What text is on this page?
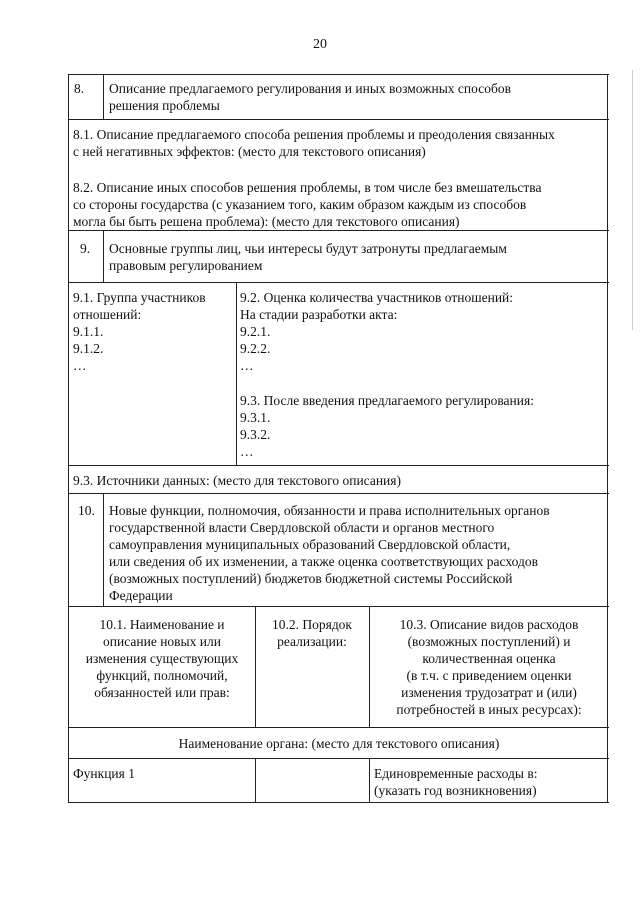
20
8. Описание предлагаемого регулирования и иных возможных способов
решения проблемы
8.1. Описание предлагаемого способа решения проблемы и преодоления связанных
с ней негативных эффектов: (место для текстового описания)
8.2. Описание иных способов решения проблемы, в том числе без вмешательства
со стороны государства (с указанием того, каким образом каждым из способов
могла бы быть решена проблема): (место для текстового описания)
9. Основные группы лиц, чьи интересы будут затронуты предлагаемым
правовым регулированием
9.1. Группа участников
отношений:
9.1.1.
9.1.2.
…
9.2. Оценка количества участников отношений:
На стадии разработки акта:
9.2.1.
9.2.2.
…
9.3. После введения предлагаемого регулирования:
9.3.1.
9.3.2.
…
9.3. Источники данных: (место для текстового описания)
10. Новые функции, полномочия, обязанности и права исполнительных органов
государственной власти Свердловской области и органов местного
самоуправления муниципальных образований Свердловской области,
или сведения об их изменении, а также оценка соответствующих расходов
(возможных поступлений) бюджетов бюджетной системы Российской
Федерации
10.1. Наименование и
описание новых или
изменения существующих
функций, полномочий,
обязанностей или прав:
10.2. Порядок
реализации:
10.3. Описание видов расходов
(возможных поступлений) и
количественная оценка
(в т.ч. с приведением оценки
изменения трудозатрат и (или)
потребностей в иных ресурсах):
Наименование органа: (место для текстового описания)
Функция 1	Единовременные расходы в:
(указать год возникновения)
